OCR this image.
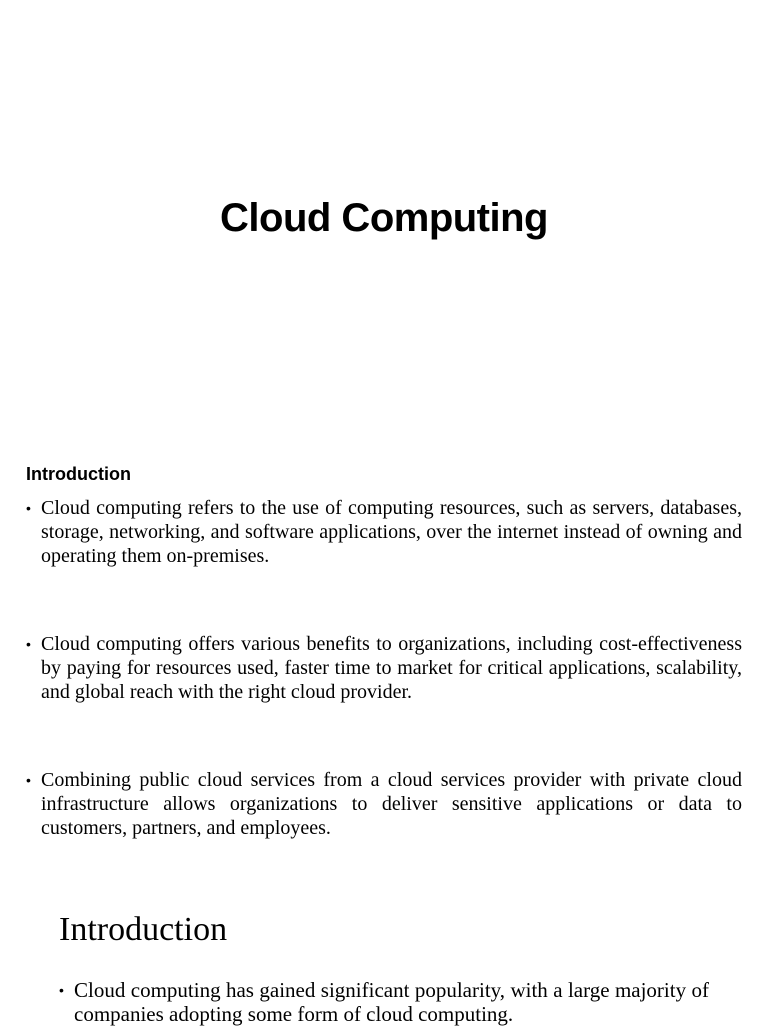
Cloud Computing
Introduction
• Cloud computing refers to the use of computing resources, such as servers, databases, storage, networking, and software applications, over the internet instead of owning and operating them on-premises.
• Cloud computing offers various benefits to organizations, including cost-effectiveness by paying for resources used, faster time to market for critical applications, scalability, and global reach with the right cloud provider.
• Combining public cloud services from a cloud services provider with private cloud infrastructure allows organizations to deliver sensitive applications or data to customers, partners, and employees.
Introduction
• Cloud computing has gained significant popularity, with a large majority of companies adopting some form of cloud computing.
